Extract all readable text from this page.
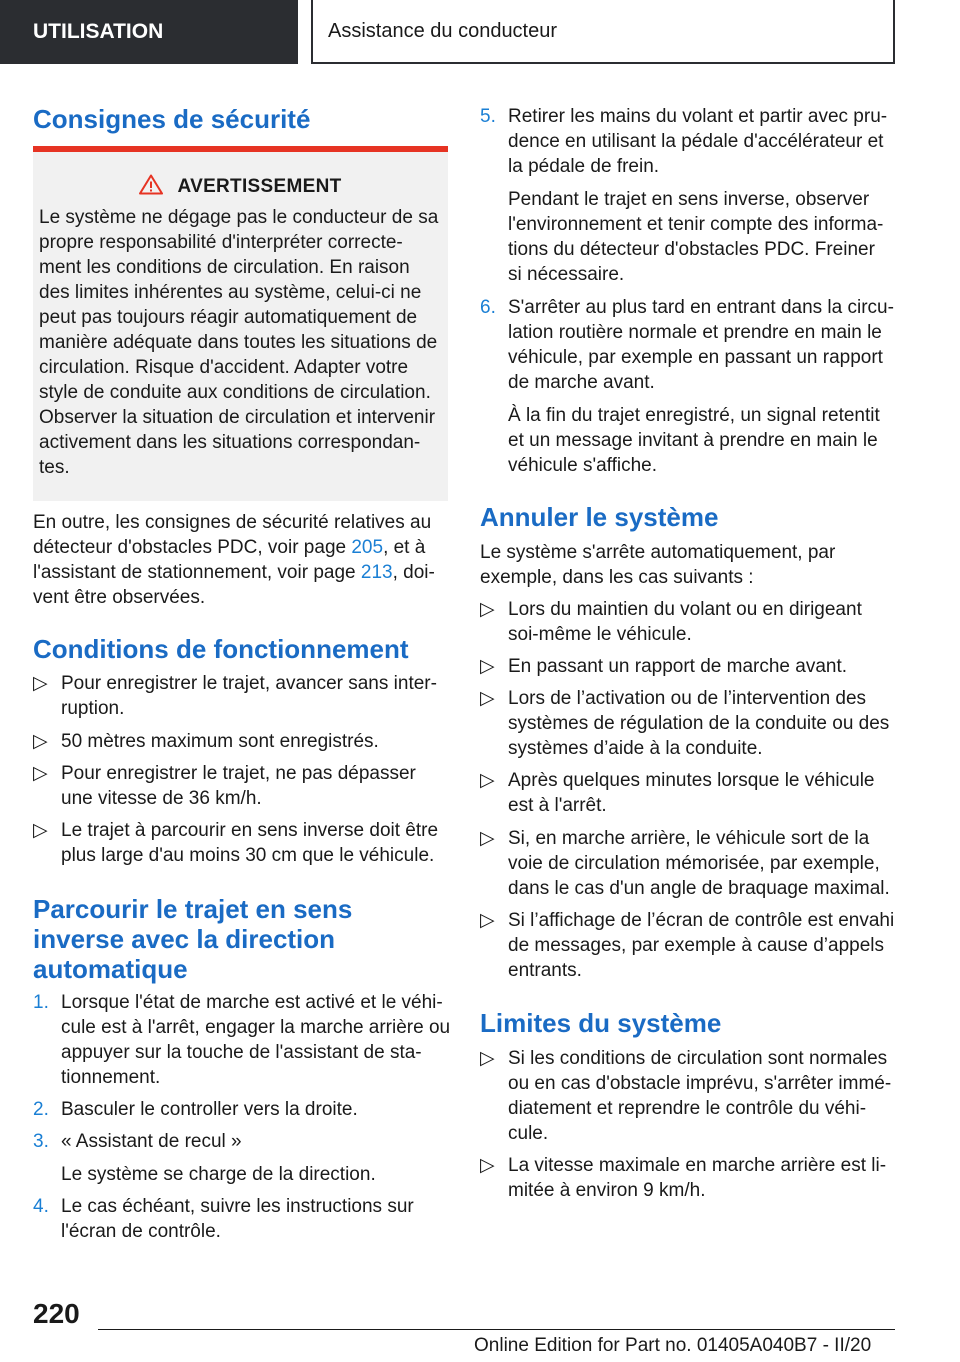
UTILISATION	Assistance du conducteur
Consignes de sécurité
AVERTISSEMENT
Le système ne dégage pas le conducteur de sa
propre responsabilité d'interpréter correcte-
ment les conditions de circulation. En raison
des limites inhérentes au système, celui-ci ne
peut pas toujours réagir automatiquement de
manière adéquate dans toutes les situations de
circulation. Risque d'accident. Adapter votre
style de conduite aux conditions de circulation.
Observer la situation de circulation et intervenir
activement dans les situations correspondan-
tes.
En outre, les consignes de sécurité relatives au
détecteur d'obstacles PDC, voir page 205, et à
l'assistant de stationnement, voir page 213, doi-
vent être observées.
Conditions de fonctionnement
▷ Pour enregistrer le trajet, avancer sans inter-
ruption.
▷ 50 mètres maximum sont enregistrés.
▷ Pour enregistrer le trajet, ne pas dépasser
une vitesse de 36 km/h.
▷ Le trajet à parcourir en sens inverse doit être
plus large d'au moins 30 cm que le véhicule.
Parcourir le trajet en sens
inverse avec la direction
automatique
1. Lorsque l'état de marche est activé et le véhi-
cule est à l'arrêt, engager la marche arrière ou
appuyer sur la touche de l'assistant de sta-
tionnement.
2. Basculer le controller vers la droite.
3. « Assistant de recul »
Le système se charge de la direction.
4. Le cas échéant, suivre les instructions sur
l'écran de contrôle.
5. Retirer les mains du volant et partir avec pru-
dence en utilisant la pédale d'accélérateur et
la pédale de frein.
Pendant le trajet en sens inverse, observer
l'environnement et tenir compte des informa-
tions du détecteur d'obstacles PDC. Freiner
si nécessaire.
6. S'arrêter au plus tard en entrant dans la circu-
lation routière normale et prendre en main le
véhicule, par exemple en passant un rapport
de marche avant.
À la fin du trajet enregistré, un signal retentit
et un message invitant à prendre en main le
véhicule s'affiche.
Annuler le système
Le système s'arrête automatiquement, par
exemple, dans les cas suivants :
▷ Lors du maintien du volant ou en dirigeant
soi-même le véhicule.
▷ En passant un rapport de marche avant.
▷ Lors de l’activation ou de l’intervention des
systèmes de régulation de la conduite ou des
systèmes d’aide à la conduite.
▷ Après quelques minutes lorsque le véhicule
est à l'arrêt.
▷ Si, en marche arrière, le véhicule sort de la
voie de circulation mémorisée, par exemple,
dans le cas d'un angle de braquage maximal.
▷ Si l’affichage de l’écran de contrôle est envahi
de messages, par exemple à cause d’appels
entrants.
Limites du système
▷ Si les conditions de circulation sont normales
ou en cas d'obstacle imprévu, s'arrêter immé-
diatement et reprendre le contrôle du véhi-
cule.
▷ La vitesse maximale en marche arrière est li-
mitée à environ 9 km/h.
220
Online Edition for Part no. 01405A040B7 - II/20
